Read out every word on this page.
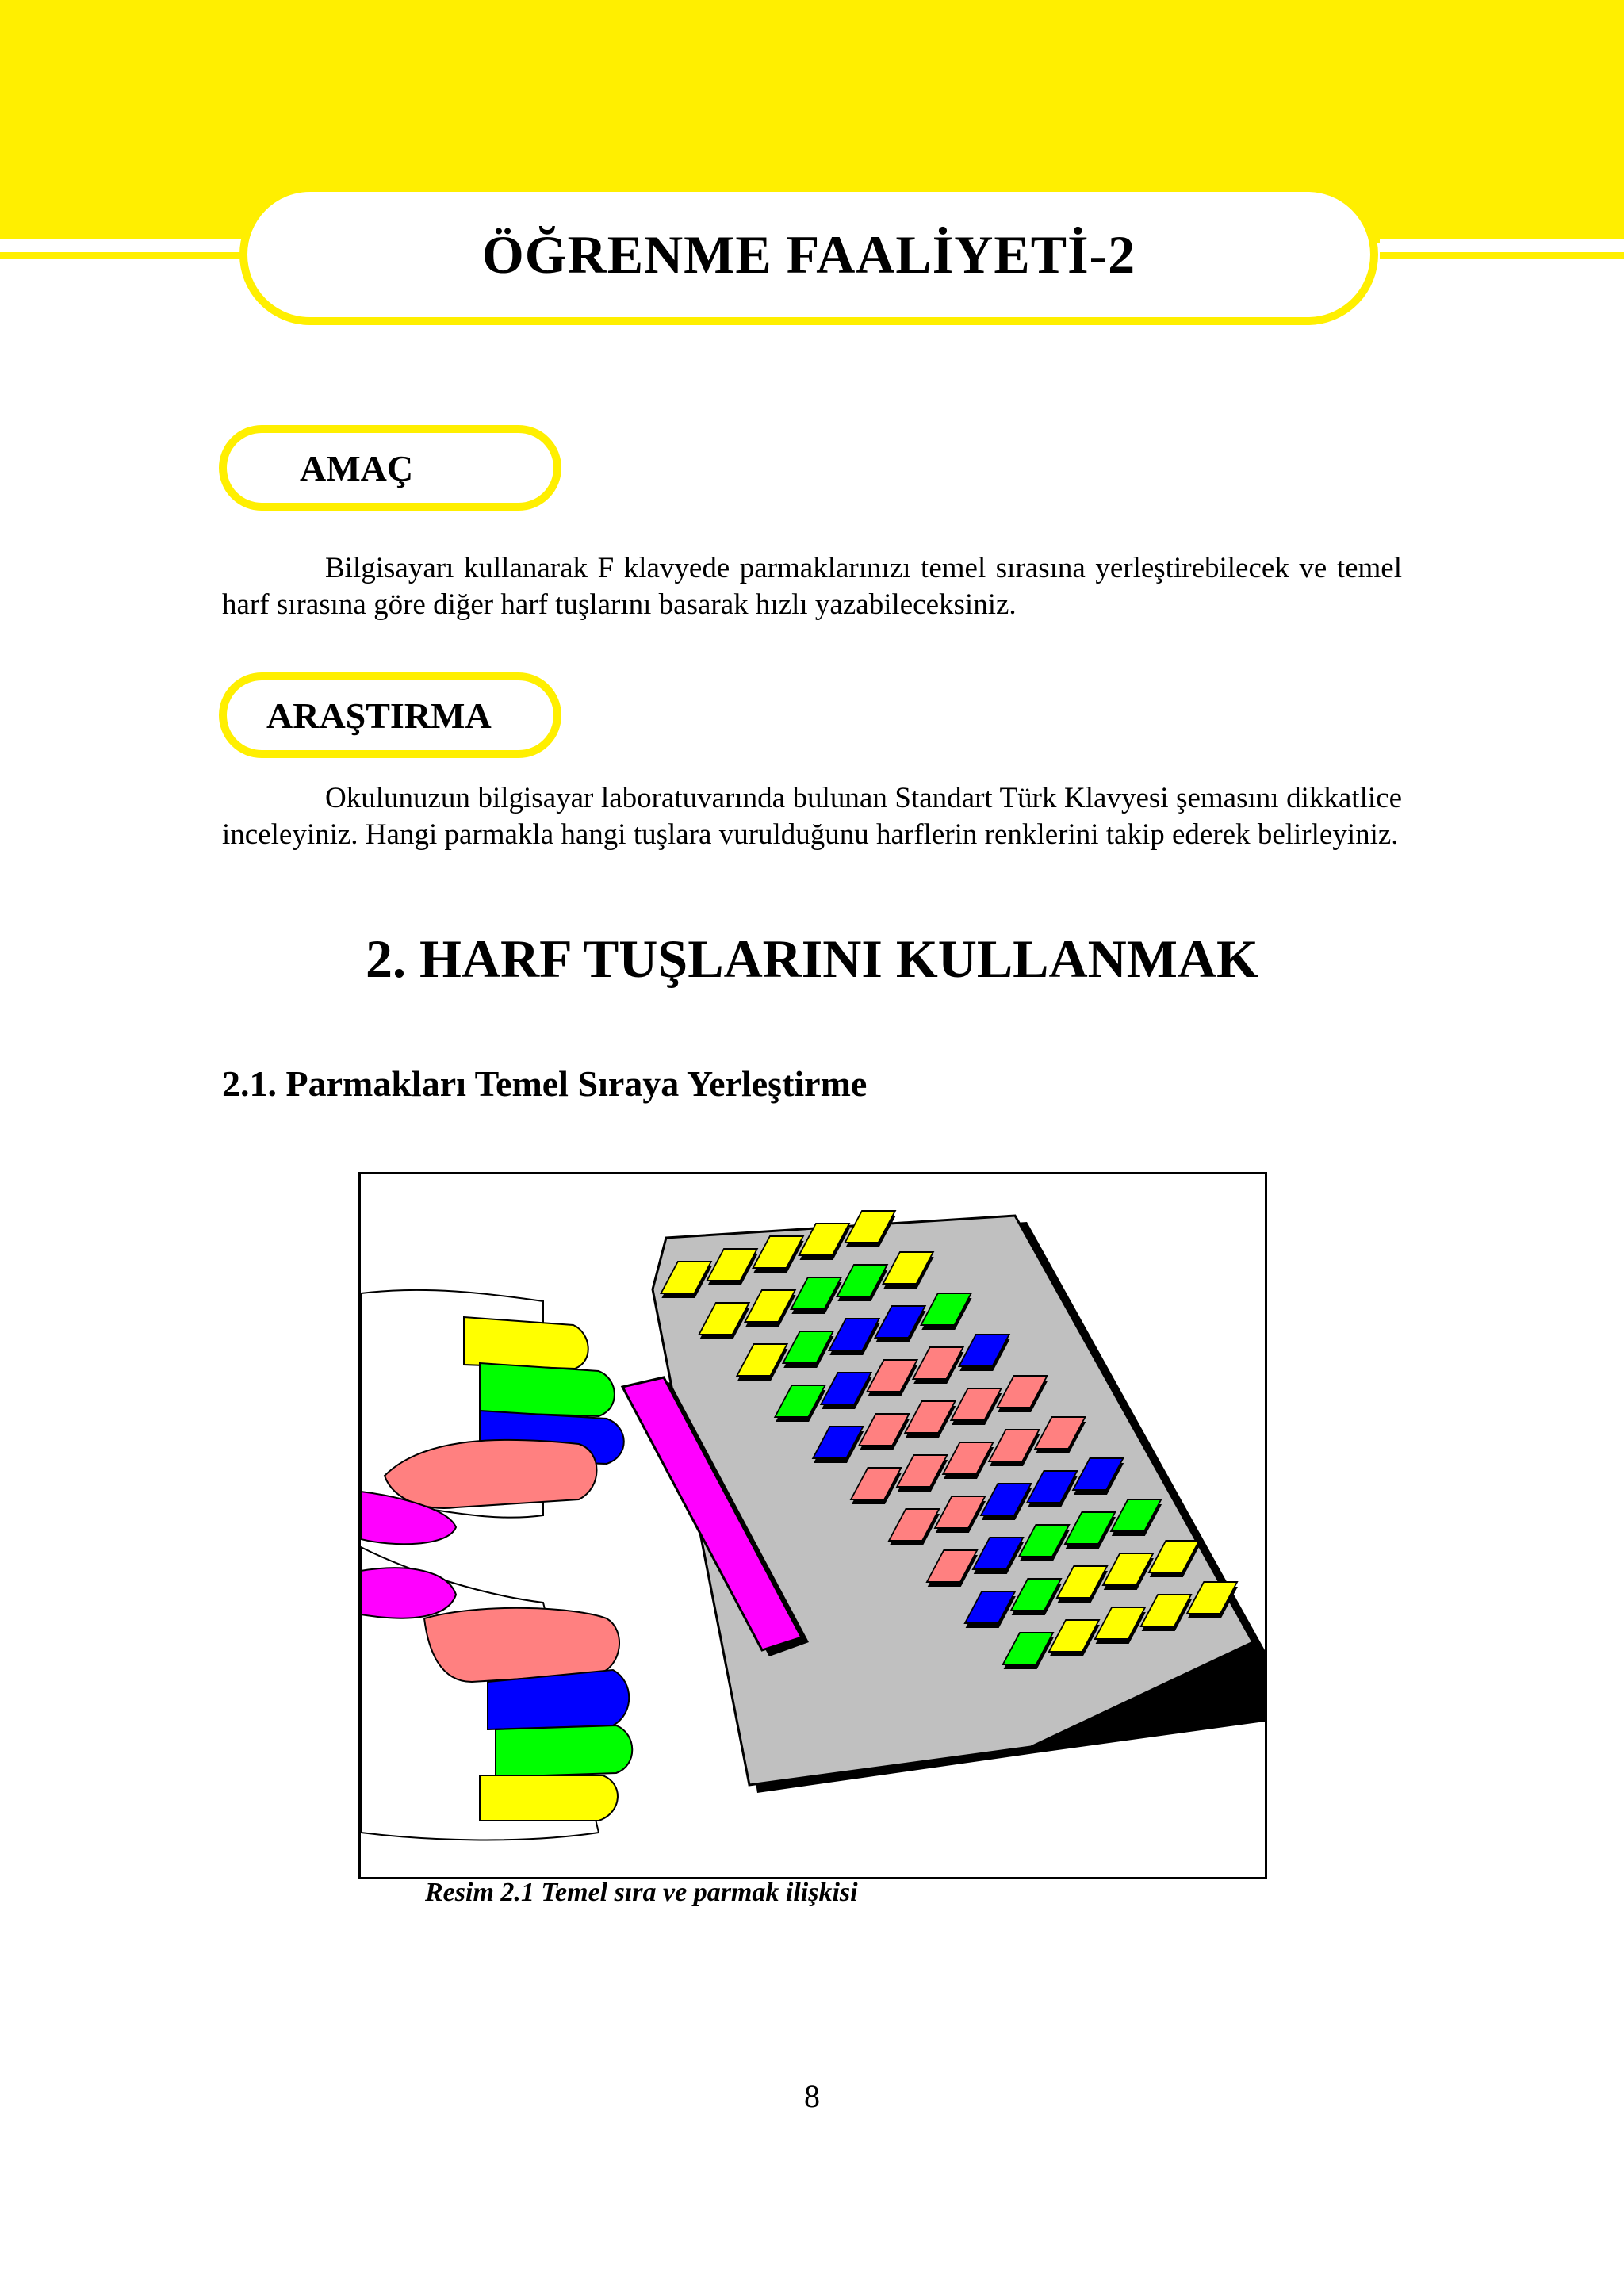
ÖĞRENME FAALİYETİ-2
AMAÇ

Bilgisayarı kullanarak F klavyede parmaklarınızı temel sırasına yerleştirebilecek ve temel harf sırasına göre diğer harf tuşlarını basarak hızlı yazabileceksiniz.

ARAŞTIRMA

Okulunuzun bilgisayar laboratuvarında bulunan Standart Türk Klavyesi şemasını dikkatlice inceleyiniz. Hangi parmakla hangi tuşlara vurulduğunu harflerin renklerini takip ederek belirleyiniz.

2. HARF TUŞLARINI KULLANMAK
2.1. Parmakları Temel Sıraya Yerleştirme

Resim 2.1 Temel sıra ve parmak ilişkisi

8
